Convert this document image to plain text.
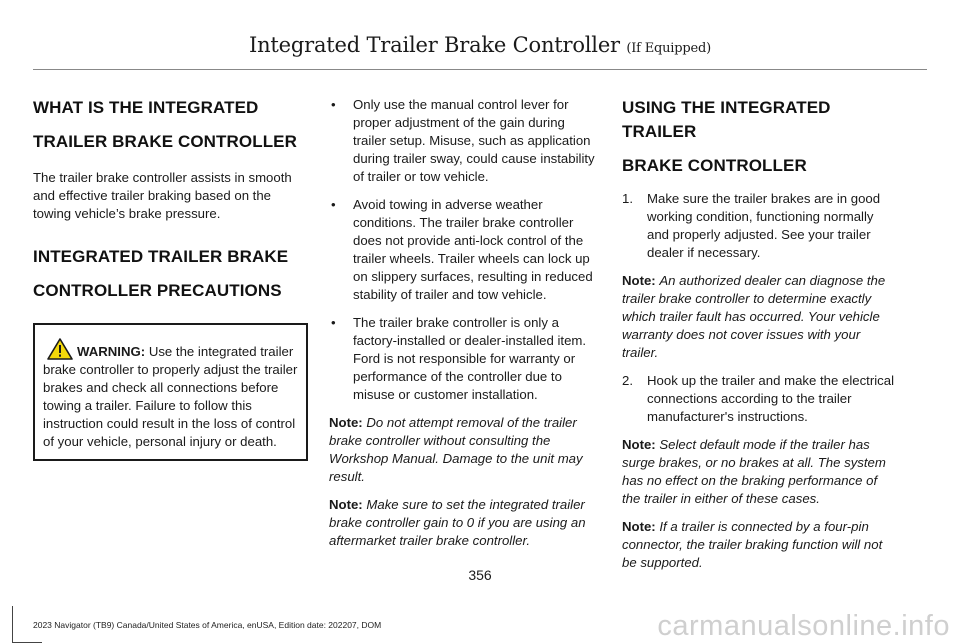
Integrated Trailer Brake Controller (If Equipped)
WHAT IS THE INTEGRATED
TRAILER BRAKE CONTROLLER

The trailer brake controller assists in smooth and effective trailer braking based on the towing vehicle’s brake pressure.

INTEGRATED TRAILER BRAKE
CONTROLLER PRECAUTIONS
WARNING: Use the integrated trailer brake controller to properly adjust the trailer brakes and check all connections before towing a trailer. Failure to follow this instruction could result in the loss of control of your vehicle, personal injury or death.
• Only use the manual control lever for proper adjustment of the gain during trailer setup. Misuse, such as application during trailer sway, could cause instability of trailer or tow vehicle.
• Avoid towing in adverse weather conditions. The trailer brake controller does not provide anti-lock control of the trailer wheels. Trailer wheels can lock up on slippery surfaces, resulting in reduced stability of trailer and tow vehicle.
• The trailer brake controller is only a factory-installed or dealer-installed item. Ford is not responsible for warranty or performance of the controller due to misuse or customer installation.

Note: Do not attempt removal of the trailer brake controller without consulting the Workshop Manual. Damage to the unit may result.

Note: Make sure to set the integrated trailer brake controller gain to 0 if you are using an aftermarket trailer brake controller.

USING THE INTEGRATED TRAILER
BRAKE CONTROLLER
1. Make sure the trailer brakes are in good working condition, functioning normally and properly adjusted. See your trailer dealer if necessary.

Note: An authorized dealer can diagnose the trailer brake controller to determine exactly which trailer fault has occurred. Your vehicle warranty does not cover issues with your trailer.

2. Hook up the trailer and make the electrical connections according to the trailer manufacturer's instructions.

Note: Select default mode if the trailer has surge brakes, or no brakes at all. The system has no effect on the braking performance of the trailer in either of these cases.

Note: If a trailer is connected by a four-pin connector, the trailer braking function will not be supported.

356
2023 Navigator (TB9) Canada/United States of America, enUSA, Edition date: 202207, DOM	carmanualsonline.info
